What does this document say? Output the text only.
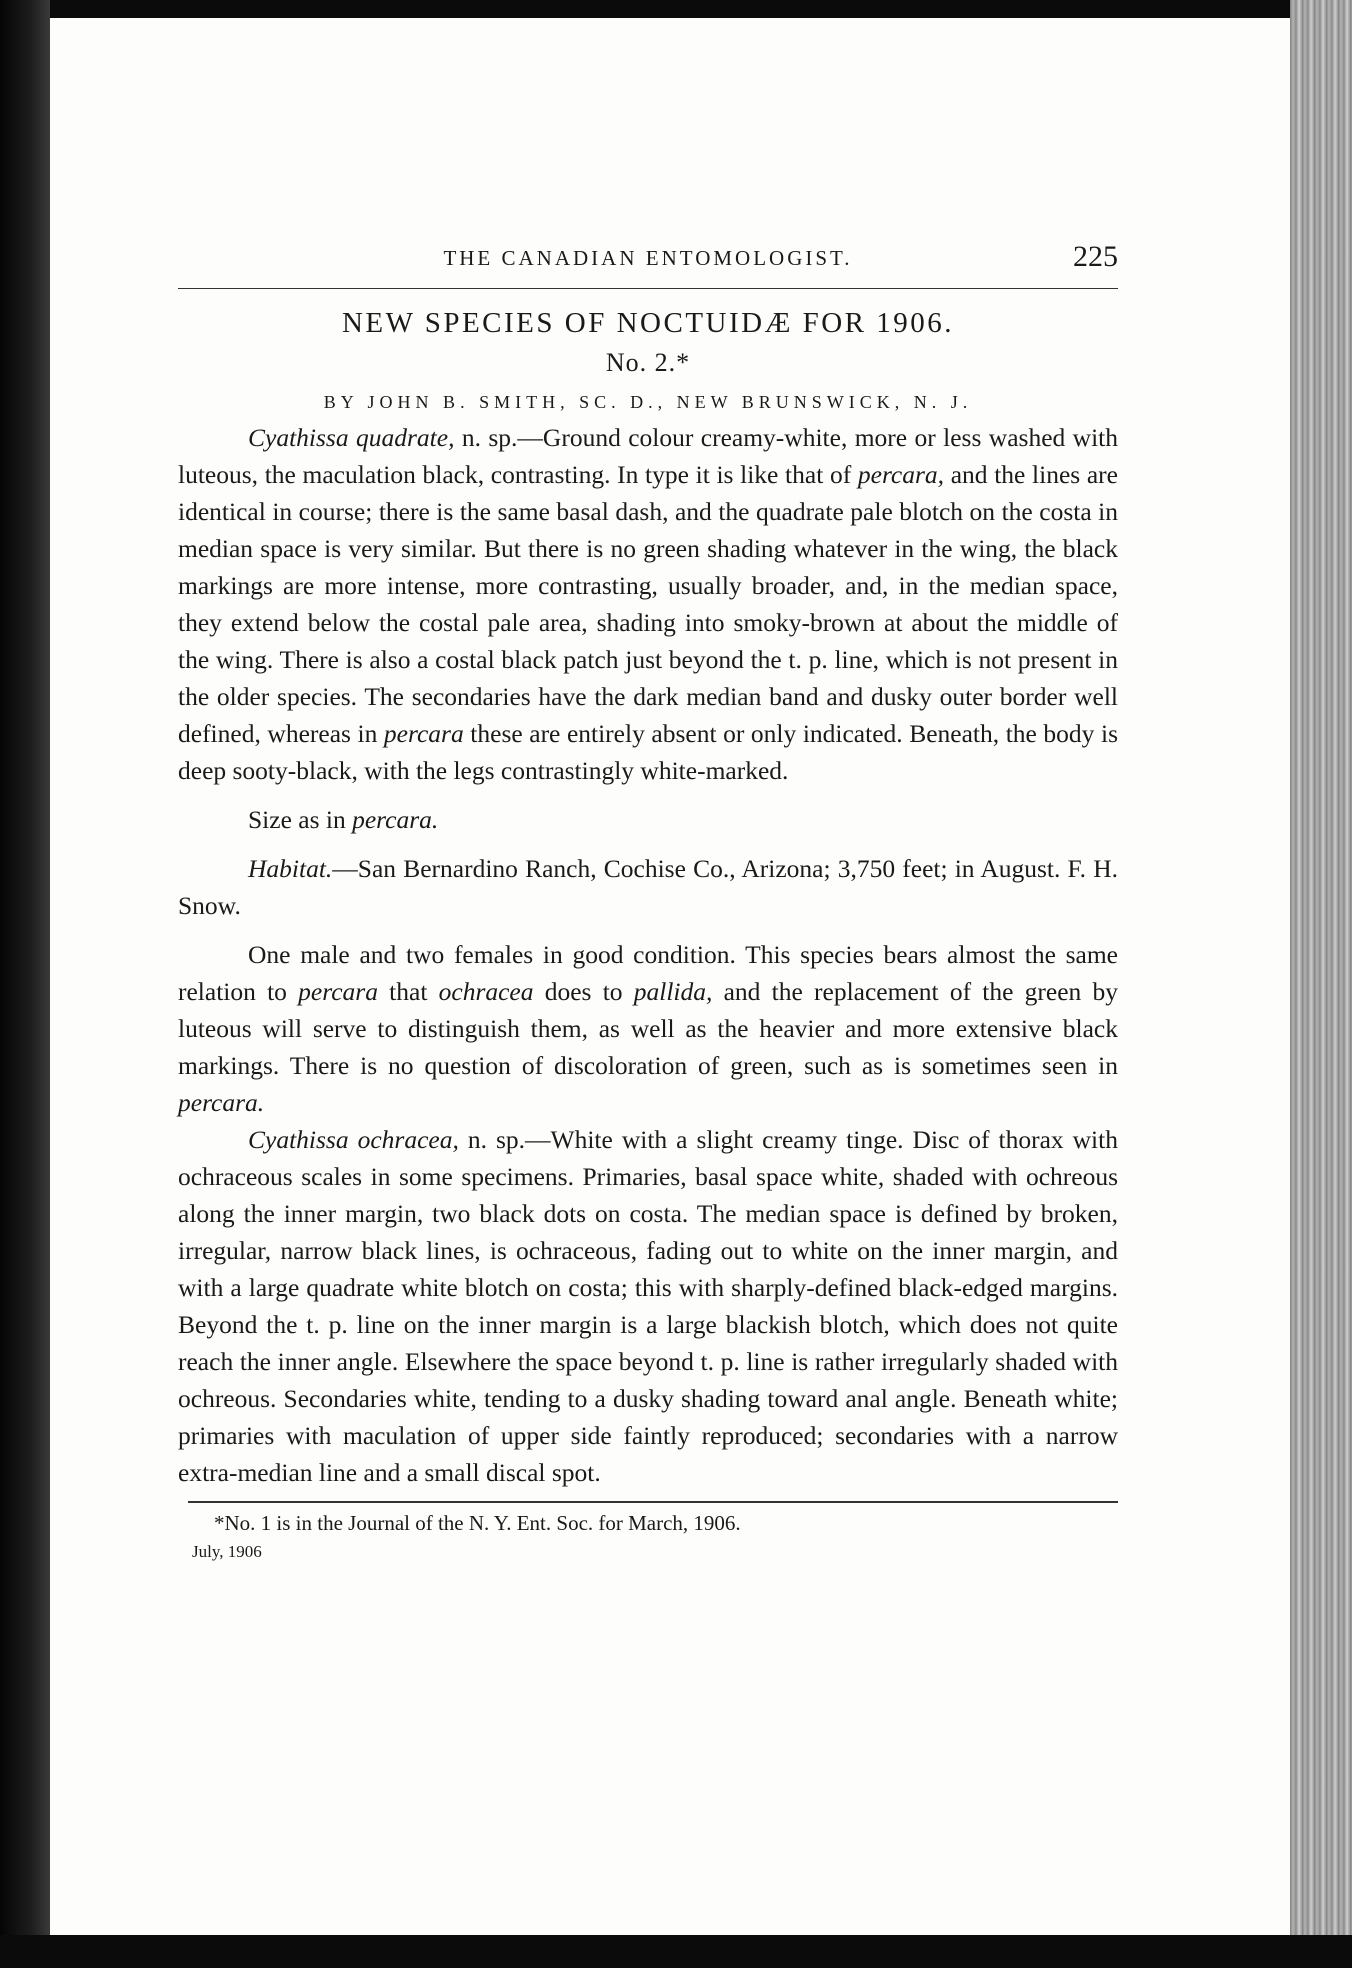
THE CANADIAN ENTOMOLOGIST.	225
NEW SPECIES OF NOCTUIDÆ FOR 1906.
No. 2.*
BY JOHN B. SMITH, SC. D., NEW BRUNSWICK, N. J.

Cyathissa quadrate, n. sp.—Ground colour creamy-white, more or less washed with luteous, the maculation black, contrasting. In type it is like that of percara, and the lines are identical in course; there is the same basal dash, and the quadrate pale blotch on the costa in median space is very similar. But there is no green shading whatever in the wing, the black markings are more intense, more contrasting, usually broader, and, in the median space, they extend below the costal pale area, shading into smoky-brown at about the middle of the wing. There is also a costal black patch just beyond the t. p. line, which is not present in the older species. The secondaries have the dark median band and dusky outer border well defined, whereas in percara these are entirely absent or only indicated. Beneath, the body is deep sooty-black, with the legs contrastingly white-marked.

Size as in percara.

Habitat.—San Bernardino Ranch, Cochise Co., Arizona; 3,750 feet; in August. F. H. Snow.

One male and two females in good condition. This species bears almost the same relation to percara that ochracea does to pallida, and the replacement of the green by luteous will serve to distinguish them, as well as the heavier and more extensive black markings. There is no question of discoloration of green, such as is sometimes seen in percara.

Cyathissa ochracea, n. sp.—White with a slight creamy tinge. Disc of thorax with ochraceous scales in some specimens. Primaries, basal space white, shaded with ochreous along the inner margin, two black dots on costa. The median space is defined by broken, irregular, narrow black lines, is ochraceous, fading out to white on the inner margin, and with a large quadrate white blotch on costa; this with sharply-defined black-edged margins. Beyond the t. p. line on the inner margin is a large blackish blotch, which does not quite reach the inner angle. Elsewhere the space beyond t. p. line is rather irregularly shaded with ochreous. Secondaries white, tending to a dusky shading toward anal angle. Beneath white; primaries with maculation of upper side faintly reproduced; secondaries with a narrow extra-median line and a small discal spot.

*No. 1 is in the Journal of the N. Y. Ent. Soc. for March, 1906.
July, 1906
